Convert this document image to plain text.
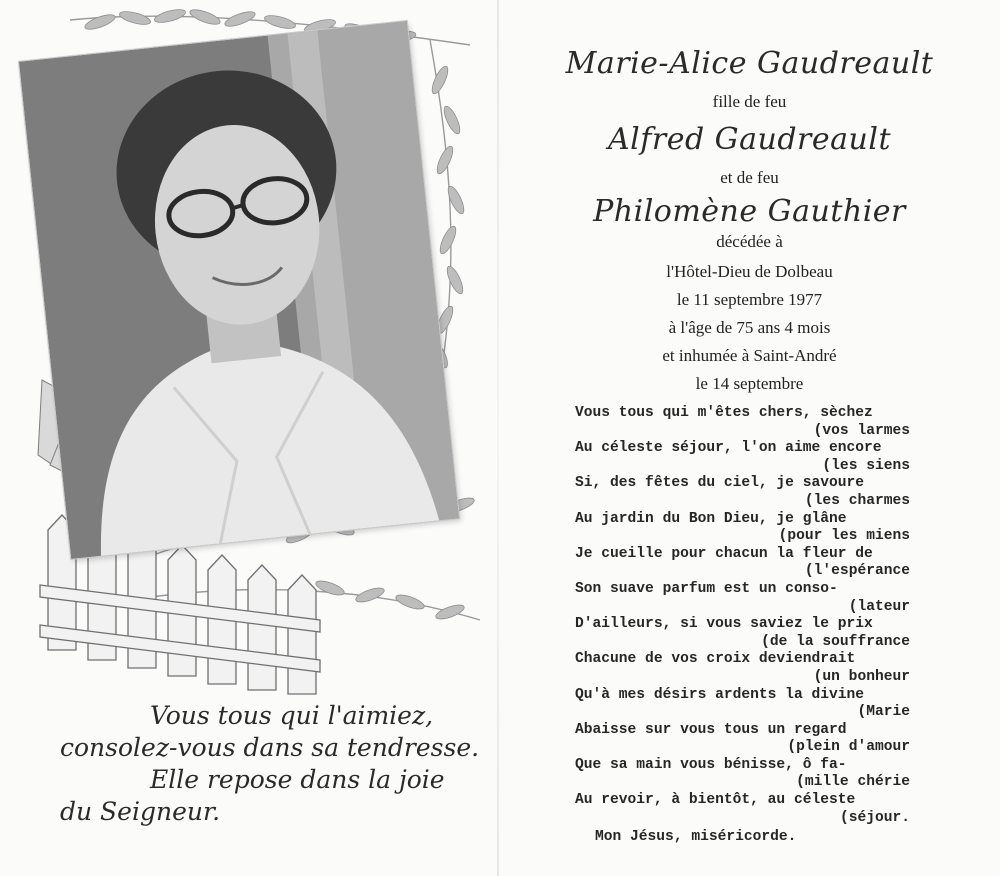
Vous tous qui l'aimiez,
consolez-vous dans sa tendresse.
Elle repose dans la joie
du Seigneur.
Marie-Alice Gaudreault
fille de feu
Alfred Gaudreault
et de feu
Philomène Gauthier
décédée à
l'Hôtel-Dieu de Dolbeau
le 11 septembre 1977
à l'âge de 75 ans 4 mois
et inhumée à Saint-André
le 14 septembre
Vous tous qui m'êtes chers, sèchez
(vos larmes
Au céleste séjour, l'on aime encore
(les siens
Si, des fêtes du ciel, je savoure
(les charmes
Au jardin du Bon Dieu, je glâne
(pour les miens
Je cueille pour chacun la fleur de
(l'espérance
Son suave parfum est un conso-
(lateur
D'ailleurs, si vous saviez le prix
(de la souffrance
Chacune de vos croix deviendrait
(un bonheur
Qu'à mes désirs ardents la divine
(Marie
Abaisse sur vous tous un regard
(plein d'amour
Que sa main vous bénisse, ô fa-
(mille chérie
Au revoir, à bientôt, au céleste
(séjour.
Mon Jésus, miséricorde.
